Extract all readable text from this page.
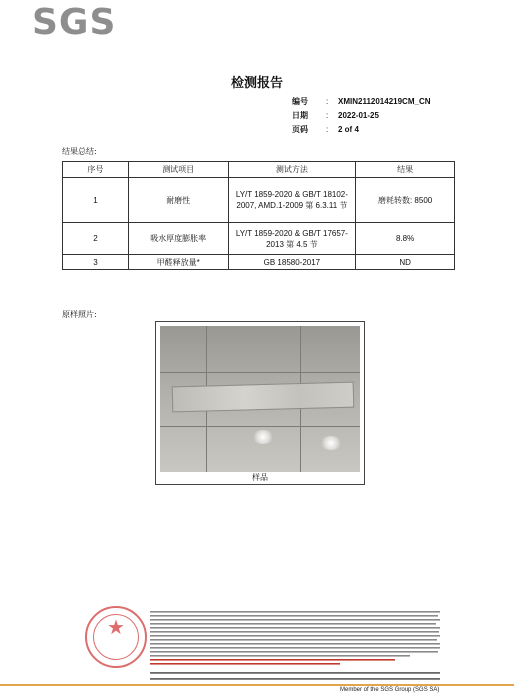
SGS
检测报告
编号	:	XMIN2112014219CM_CN
日期	:	2022-01-25
页码	:	2 of 4
结果总结:
序号	测试项目	测试方法	结果
1	耐磨性	LY/T 1859-2020 & GB/T 18102-2007, AMD.1-2009 第 6.3.11 节	磨耗转数: 8500
2	吸水厚度膨胀率	LY/T 1859-2020 & GB/T 17657-2013 第 4.5 节	8.8%
3	甲醛释放量*	GB 18580-2017	ND
原样照片:
样品
★
Member of the SGS Group (SGS SA)
